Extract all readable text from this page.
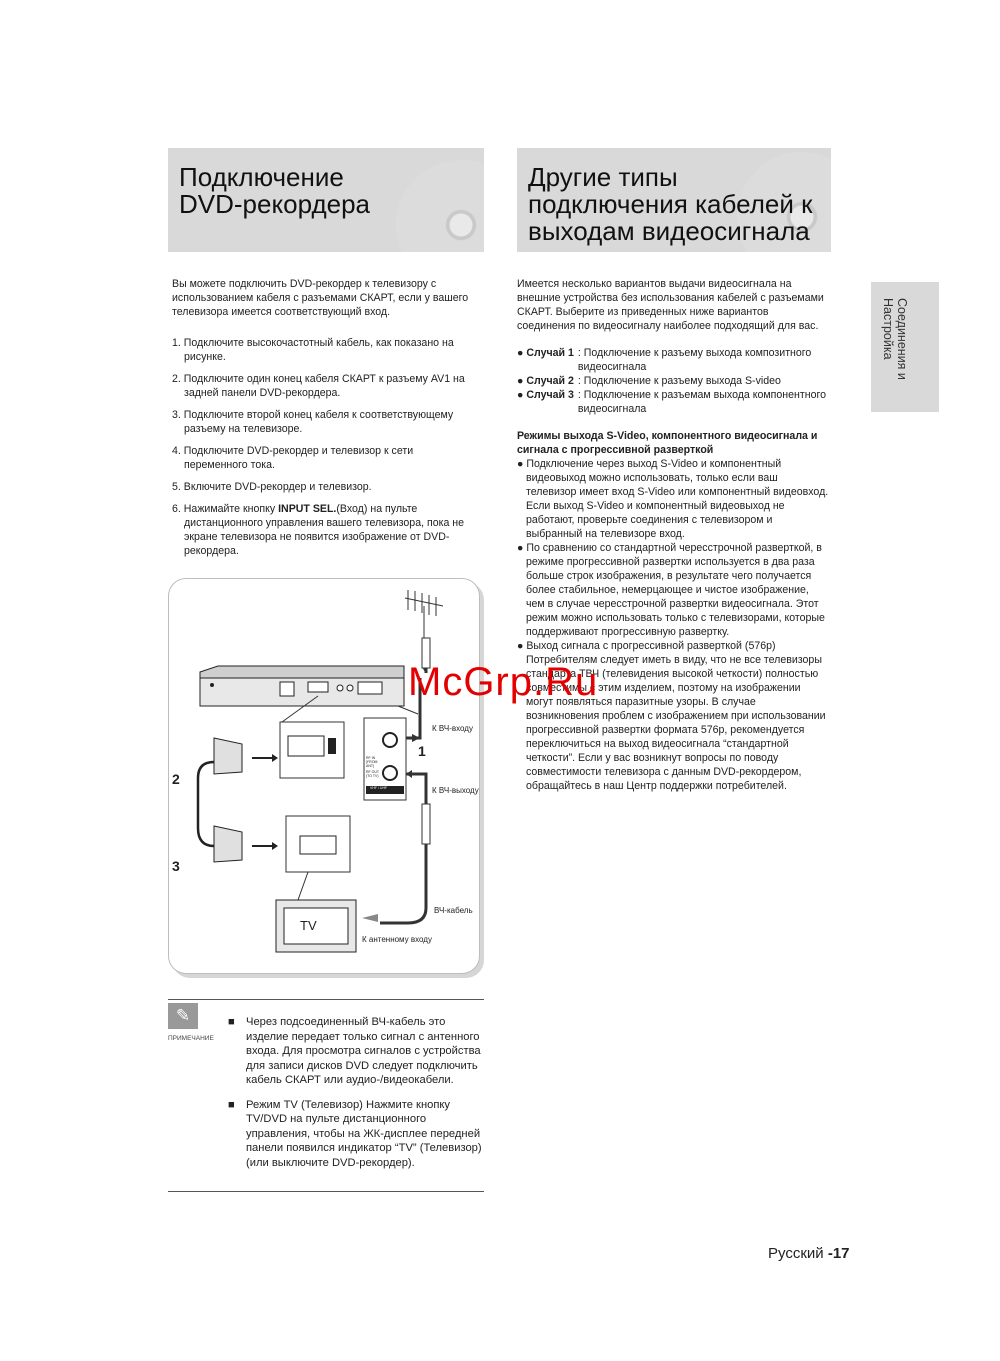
Подключение
DVD-рекордера
Другие типы
подключения кабелей к
выходам видеосигнала
Соединения и
Настройка

Вы можете подключить DVD-рекордер к телевизору с использованием кабеля с разъемами СКАРТ, если у вашего телевизора имеется соответствующий вход.

1. Подключите высокочастотный кабель, как показано на рисунке.
2. Подключите один конец кабеля СКАРТ к разъему AV1 на задней панели DVD-рекордера.
3. Подключите второй конец кабеля к соответствующему разъему на телевизоре.
4. Подключите DVD-рекордер и телевизор к сети переменного тока.
5. Включите DVD-рекордер и телевизор.
6. Нажимайте кнопку INPUT SEL.(Вход) на пульте дистанционного управления вашего телевизора, пока не экране телевизора не появится изображение от DVD-рекордера.
К ВЧ-входу
К ВЧ-выходу
ВЧ-кабель
К антенному входу
TV
1
2
3
RF IN (FROM ANT)
RF OUT (TO TV)
VHF / UHF
✎
ПРИМЕЧАНИЕ
■	Через подсоединенный ВЧ-кабель это изделие передает только сигнал с антенного входа. Для просмотра сигналов с устройства для записи дисков DVD следует подключить кабель СКАРТ или аудио-/видеокабели.
■	Режим TV (Телевизор) Нажмите кнопку TV/DVD на пульте дистанционного управления, чтобы на ЖК-дисплее передней панели появился индикатор “TV” (Телевизор) (или выключите DVD-рекордер).

Имеется несколько вариантов выдачи видеосигнала на внешние устройства без использования кабелей с разъемами СКАРТ. Выберите из приведенных ниже вариантов соединения по видеосигналу наиболее подходящий для вас.

● Случай 1 : Подключение к разъему выхода композитного видеосигнала
● Случай 2 : Подключение к разъему выхода S-video
● Случай 3 : Подключение к разъемам выхода компонентного видеосигнала
Режимы выхода S-Video, компонентного видеосигнала и сигнала с прогрессивной разверткой

● Подключение через выход S-Video и компонентный видеовыход можно использовать, только если ваш телевизор имеет вход S-Video или компонентный видеовход. Если выход S-Video и компонентный видеовыход не работают, проверьте соединения с телевизором и выбранный на телевизоре вход.

● По сравнению со стандартной чересстрочной разверткой, в режиме прогрессивной развертки используется в два раза больше строк изображения, в результате чего получается более стабильное, немерцающее и чистое изображение, чем в случае чересстрочной развертки видеосигнала. Этот режим можно использовать только с телевизорами, которые поддерживают прогрессивную развертку.

● Выход сигнала с прогрессивной разверткой (576p) Потребителям следует иметь в виду, что не все телевизоры стандарта ТВЧ (телевидения высокой четкости) полностью совместимы с этим изделием, поэтому на изображении могут появляться паразитные узоры. В случае возникновения проблем с изображением при использовании прогрессивной развертки формата 576p, рекомендуется переключиться на выход видеосигнала “стандартной четкости”. Если у вас возникнут вопросы по поводу совместимости телевизора с данным DVD-рекордером, обращайтесь в наш Центр поддержки потребителей.

McGrp.Ru
Русский -17
